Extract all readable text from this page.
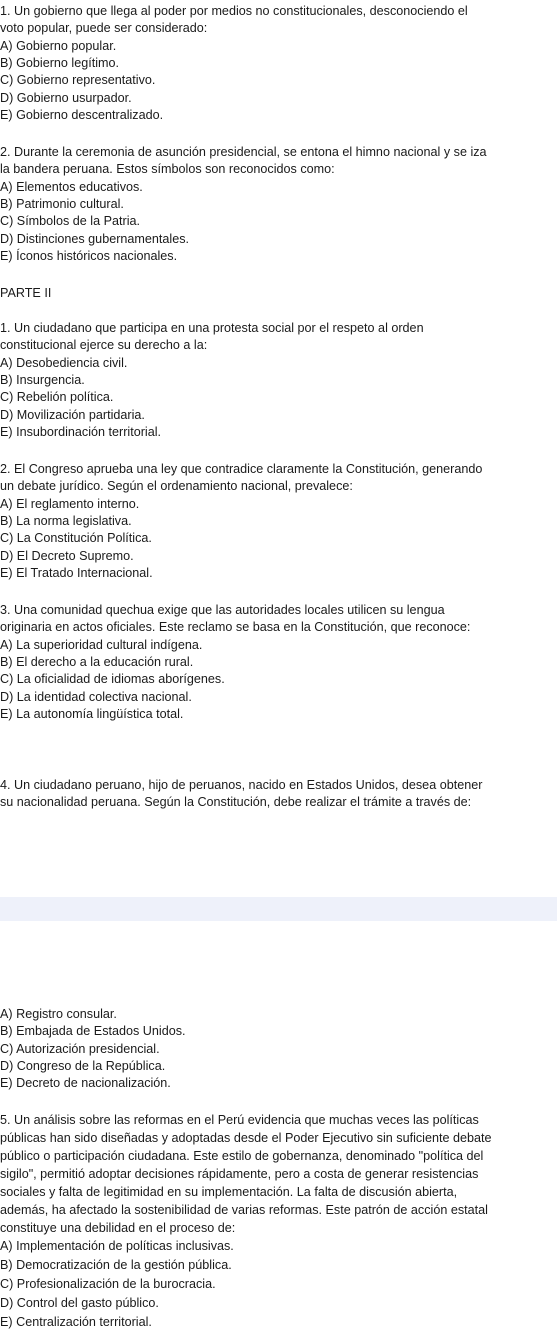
1. Un gobierno que llega al poder por medios no constitucionales, desconociendo el
voto popular, puede ser considerado:
A) Gobierno popular.
B) Gobierno legítimo.
C) Gobierno representativo.
D) Gobierno usurpador.
E) Gobierno descentralizado.
2. Durante la ceremonia de asunción presidencial, se entona el himno nacional y se iza
la bandera peruana. Estos símbolos son reconocidos como:
A) Elementos educativos.
B) Patrimonio cultural.
C) Símbolos de la Patria.
D) Distinciones gubernamentales.
E) Íconos históricos nacionales.
PARTE II
1. Un ciudadano que participa en una protesta social por el respeto al orden
constitucional ejerce su derecho a la:
A) Desobediencia civil.
B) Insurgencia.
C) Rebelión política.
D) Movilización partidaria.
E) Insubordinación territorial.
2. El Congreso aprueba una ley que contradice claramente la Constitución, generando
un debate jurídico. Según el ordenamiento nacional, prevalece:
A) El reglamento interno.
B) La norma legislativa.
C) La Constitución Política.
D) El Decreto Supremo.
E) El Tratado Internacional.
3. Una comunidad quechua exige que las autoridades locales utilicen su lengua
originaria en actos oficiales. Este reclamo se basa en la Constitución, que reconoce:
A) La superioridad cultural indígena.
B) El derecho a la educación rural.
C) La oficialidad de idiomas aborígenes.
D) La identidad colectiva nacional.
E) La autonomía lingüística total.
4. Un ciudadano peruano, hijo de peruanos, nacido en Estados Unidos, desea obtener
su nacionalidad peruana. Según la Constitución, debe realizar el trámite a través de:
A) Registro consular.
B) Embajada de Estados Unidos.
C) Autorización presidencial.
D) Congreso de la República.
E) Decreto de nacionalización.
5. Un análisis sobre las reformas en el Perú evidencia que muchas veces las políticas
públicas han sido diseñadas y adoptadas desde el Poder Ejecutivo sin suficiente debate
público o participación ciudadana. Este estilo de gobernanza, denominado "política del
sigilo", permitió adoptar decisiones rápidamente, pero a costa de generar resistencias
sociales y falta de legitimidad en su implementación. La falta de discusión abierta,
además, ha afectado la sostenibilidad de varias reformas. Este patrón de acción estatal
constituye una debilidad en el proceso de:
A) Implementación de políticas inclusivas.
B) Democratización de la gestión pública.
C) Profesionalización de la burocracia.
D) Control del gasto público.
E) Centralización territorial.
